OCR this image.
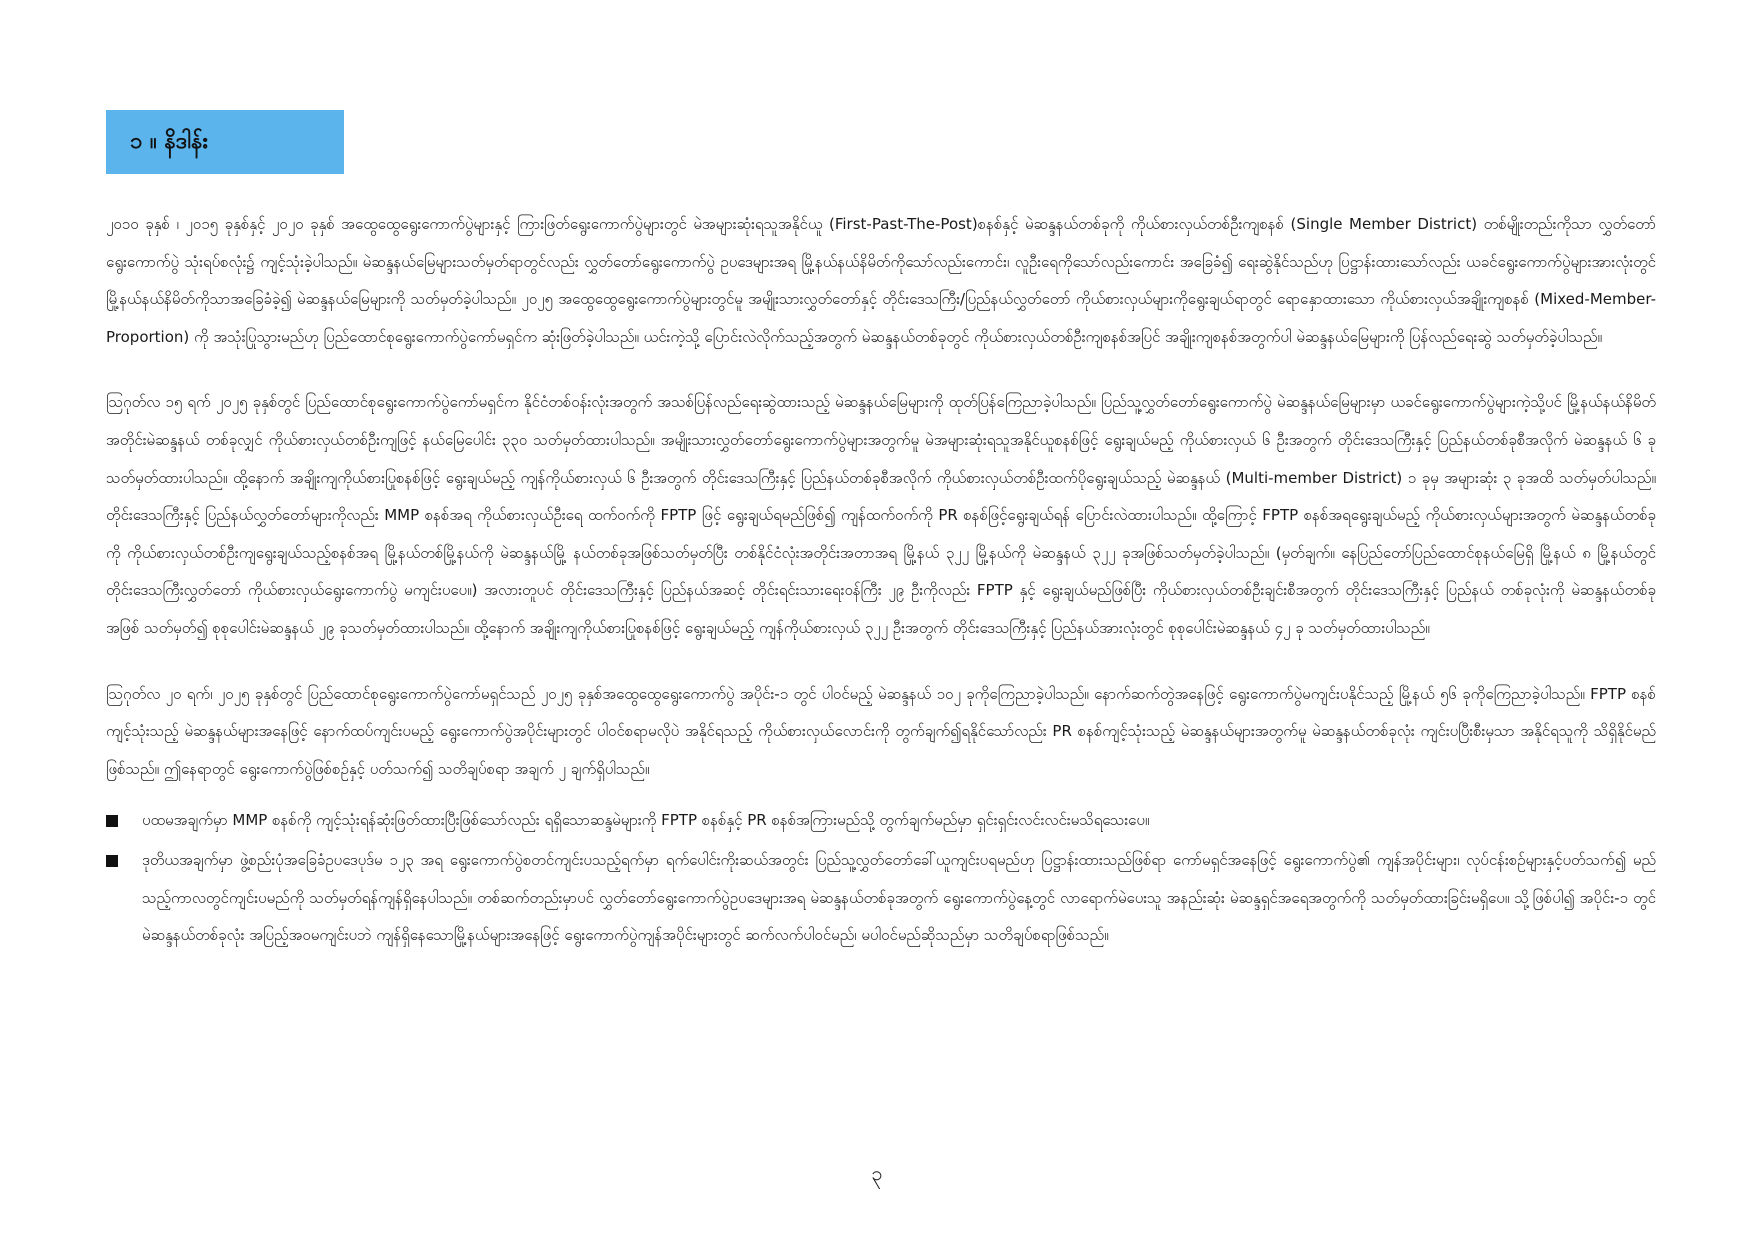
၁ ။ နိဒါန်း

၂၀၁၀ ခုနှစ် ၊ ၂၀၁၅ ခုနှစ်နှင့် ၂၀၂၀ ခုနှစ် အထွေထွေရွေးကောက်ပွဲများနှင့် ကြားဖြတ်ရွေးကောက်ပွဲများတွင် မဲအများဆုံးရသူအနိုင်ယူ (First-Past-The-Post)စနစ်နှင့် မဲဆန္ဒနယ်တစ်ခုကို ကိုယ်စားလှယ်တစ်ဦးကျစနစ် (Single Member District) တစ်မျိုးတည်းကိုသာ လွှတ်တော်ရွေးကောက်ပွဲ သုံးရပ်စလုံး၌ ကျင့်သုံးခဲ့ပါသည်။ မဲဆန္ဒနယ်မြေများသတ်မှတ်ရာတွင်လည်း လွှတ်တော်ရွေးကောက်ပွဲ ဥပဒေများအရ မြို့နယ်နယ်နိမိတ်ကိုသော်လည်းကောင်း၊ လူဦးရေကိုသော်လည်းကောင်း အခြေခံ၍ ရေးဆွဲနိုင်သည်ဟု ပြဋ္ဌာန်းထားသော်လည်း ယခင်ရွေးကောက်ပွဲများအားလုံးတွင် မြို့နယ်နယ်နိမိတ်ကိုသာအခြေခံခဲ့၍ မဲဆန္ဒနယ်မြေများကို သတ်မှတ်ခဲ့ပါသည်။ ၂၀၂၅ အထွေထွေရွေးကောက်ပွဲများတွင်မူ အမျိုးသားလွှတ်တော်နှင့် တိုင်းဒေသကြီး/ပြည်နယ်လွှတ်တော် ကိုယ်စားလှယ်များကိုရွေးချယ်ရာတွင် ရောနှောထားသော ကိုယ်စားလှယ်အချိုးကျစနစ် (Mixed-Member-Proportion) ကို အသုံးပြုသွားမည်ဟု ပြည်ထောင်စုရွေးကောက်ပွဲကော်မရှင်က ဆုံးဖြတ်ခဲ့ပါသည်။ ယင်းကဲ့သို့ ပြောင်းလဲလိုက်သည့်အတွက် မဲဆန္ဒနယ်တစ်ခုတွင် ကိုယ်စားလှယ်တစ်ဦးကျစနစ်အပြင် အချိုးကျစနစ်အတွက်ပါ မဲဆန္ဒနယ်မြေများကို ပြန်လည်ရေးဆွဲ သတ်မှတ်ခဲ့ပါသည်။

ဩဂုတ်လ ၁၅ ရက် ၂၀၂၅ ခုနှစ်တွင် ပြည်ထောင်စုရွေးကောက်ပွဲကော်မရှင်က နိုင်ငံတစ်ဝန်းလုံးအတွက် အသစ်ပြန်လည်ရေးဆွဲထားသည့် မဲဆန္ဒနယ်မြေများကို ထုတ်ပြန်ကြေညာခဲ့ပါသည်။ ပြည်သူ့လွှတ်တော်ရွေးကောက်ပွဲ မဲဆန္ဒနယ်မြေများမှာ ယခင်ရွေးကောက်ပွဲများကဲ့သို့ပင် မြို့နယ်နယ်နိမိတ်အတိုင်းမဲဆန္ဒနယ် တစ်ခုလျှင် ကိုယ်စားလှယ်တစ်ဦးကျဖြင့် နယ်မြေပေါင်း ၃၃၀ သတ်မှတ်ထားပါသည်။ အမျိုးသားလွှတ်တော်ရွေးကောက်ပွဲများအတွက်မူ မဲအများဆုံးရသူအနိုင်ယူစနစ်ဖြင့် ရွေးချယ်မည့် ကိုယ်စားလှယ် ၆ ဦးအတွက် တိုင်းဒေသကြီးနှင့် ပြည်နယ်တစ်ခုစီအလိုက် မဲဆန္ဒနယ် ၆ ခု သတ်မှတ်ထားပါသည်။ ထို့နောက် အချိုးကျကိုယ်စားပြုစနစ်ဖြင့် ရွေးချယ်မည့် ကျန်ကိုယ်စားလှယ် ၆ ဦးအတွက် တိုင်းဒေသကြီးနှင့် ပြည်နယ်တစ်ခုစီအလိုက် ကိုယ်စားလှယ်တစ်ဦးထက်ပိုရွေးချယ်သည့် မဲဆန္ဒနယ် (Multi-member District) ၁ ခုမှ အများဆုံး ၃ ခုအထိ သတ်မှတ်ပါသည်။ တိုင်းဒေသကြီးနှင့် ပြည်နယ်လွှတ်တော်များကိုလည်း MMP စနစ်အရ ကိုယ်စားလှယ်ဦးရေ ထက်ဝက်ကို FPTP ဖြင့် ရွေးချယ်ရမည်ဖြစ်၍ ကျန်ထက်ဝက်ကို PR စနစ်ဖြင့်ရွေးချယ်ရန် ပြောင်းလဲထားပါသည်။ ထို့ကြောင့် FPTP စနစ်အရရွေးချယ်မည့် ကိုယ်စားလှယ်များအတွက် မဲဆန္ဒနယ်တစ်ခုကို ကိုယ်စားလှယ်တစ်ဦးကျရွေးချယ်သည့်စနစ်အရ မြို့နယ်တစ်မြို့နယ်ကို မဲဆန္ဒနယ်မြို့ နယ်တစ်ခုအဖြစ်သတ်မှတ်ပြီး တစ်နိုင်ငံလုံးအတိုင်းအတာအရ မြို့နယ် ၃၂၂ မြို့နယ်ကို မဲဆန္ဒနယ် ၃၂၂ ခုအဖြစ်သတ်မှတ်ခဲ့ပါသည်။ (မှတ်ချက်။ နေပြည်တော်ပြည်ထောင်စုနယ်မြေရှိ မြို့နယ် ၈ မြို့နယ်တွင် တိုင်းဒေသကြီးလွှတ်တော် ကိုယ်စားလှယ်ရွေးကောက်ပွဲ မကျင်းပပေ။) အလားတူပင် တိုင်းဒေသကြီးနှင့် ပြည်နယ်အဆင့် တိုင်းရင်းသားရေးဝန်ကြီး ၂၉ ဦးကိုလည်း FPTP နှင့် ရွေးချယ်မည်ဖြစ်ပြီး ကိုယ်စားလှယ်တစ်ဦးချင်းစီအတွက် တိုင်းဒေသကြီးနှင့် ပြည်နယ် တစ်ခုလုံးကို မဲဆန္ဒနယ်တစ်ခုအဖြစ် သတ်မှတ်၍ စုစုပေါင်းမဲဆန္ဒနယ် ၂၉ ခုသတ်မှတ်ထားပါသည်။ ထို့နောက် အချိုးကျကိုယ်စားပြုစနစ်ဖြင့် ရွေးချယ်မည့် ကျန်ကိုယ်စားလှယ် ၃၂၂ ဦးအတွက် တိုင်းဒေသကြီးနှင့် ပြည်နယ်အားလုံးတွင် စုစုပေါင်းမဲဆန္ဒနယ် ၄၂ ခု သတ်မှတ်ထားပါသည်။

ဩဂုတ်လ ၂၀ ရက်၊ ၂၀၂၅ ခုနှစ်တွင် ပြည်ထောင်စုရွေးကောက်ပွဲကော်မရှင်သည် ၂၀၂၅ ခုနှစ်အထွေထွေရွေးကောက်ပွဲ အပိုင်း-၁ တွင် ပါဝင်မည့် မဲဆန္ဒနယ် ၁၀၂ ခုကိုကြေညာခဲ့ပါသည်။ နောက်ဆက်တွဲအနေဖြင့် ရွေးကောက်ပွဲမကျင်းပနိုင်သည့် မြို့နယ် ၅၆ ခုကိုကြေညာခဲ့ပါသည်။ FPTP စနစ်ကျင့်သုံးသည့် မဲဆန္ဒနယ်များအနေဖြင့် နောက်ထပ်ကျင်းပမည့် ရွေးကောက်ပွဲအပိုင်းများတွင် ပါဝင်စရာမလိုပဲ အနိုင်ရသည့် ကိုယ်စားလှယ်လောင်းကို တွက်ချက်၍ရနိုင်သော်လည်း PR စနစ်ကျင့်သုံးသည့် မဲဆန္ဒနယ်များအတွက်မူ မဲဆန္ဒနယ်တစ်ခုလုံး ကျင်းပပြီးစီးမှသာ အနိုင်ရသူကို သိရှိနိုင်မည်ဖြစ်သည်။ ဤနေရာတွင် ရွေးကောက်ပွဲဖြစ်စဉ်နှင့် ပတ်သက်၍ သတိချပ်စရာ အချက် ၂ ချက်ရှိပါသည်။

ပထမအချက်မှာ MMP စနစ်ကို ကျင့်သုံးရန်ဆုံးဖြတ်ထားပြီးဖြစ်သော်လည်း ရရှိသောဆန္ဒမဲများကို FPTP စနစ်နှင့် PR စနစ်အကြားမည်သို့ တွက်ချက်မည်မှာ ရှင်းရှင်းလင်းလင်းမသိရသေးပေ။
ဒုတိယအချက်မှာ ဖွဲ့စည်းပုံအခြေခံဥပဒေပုဒ်မ ၁၂၃ အရ ရွေးကောက်ပွဲစတင်ကျင်းပသည့်ရက်မှာ ရက်ပေါင်းကိုးဆယ်အတွင်း ပြည်သူ့လွှတ်တော်ခေါ်ယူကျင်းပရမည်ဟု ပြဋ္ဌာန်းထားသည်ဖြစ်ရာ ကော်မရှင်အနေဖြင့် ရွေးကောက်ပွဲ၏ ကျန်အပိုင်းများ၊ လုပ်ငန်းစဉ်များနှင့်ပတ်သက်၍ မည်သည့်ကာလတွင်ကျင်းပမည်ကို သတ်မှတ်ရန်ကျန်ရှိနေပါသည်။ တစ်ဆက်တည်းမှာပင် လွှတ်တော်ရွေးကောက်ပွဲဥပဒေများအရ မဲဆန္ဒနယ်တစ်ခုအတွက် ရွေးကောက်ပွဲနေ့တွင် လာရောက်မဲပေးသူ အနည်းဆုံး မဲဆန္ဒရှင်အရေအတွက်ကို သတ်မှတ်ထားခြင်းမရှိပေ။ သို့ဖြစ်ပါ၍ အပိုင်း-၁ တွင် မဲဆန္ဒနယ်တစ်ခုလုံး အပြည့်အဝမကျင်းပဘဲ ကျန်ရှိနေသောမြို့နယ်များအနေဖြင့် ရွေးကောက်ပွဲကျန်အပိုင်းများတွင် ဆက်လက်ပါဝင်မည်၊ မပါဝင်မည်ဆိုသည်မှာ သတိချပ်စရာဖြစ်သည်။
၃
